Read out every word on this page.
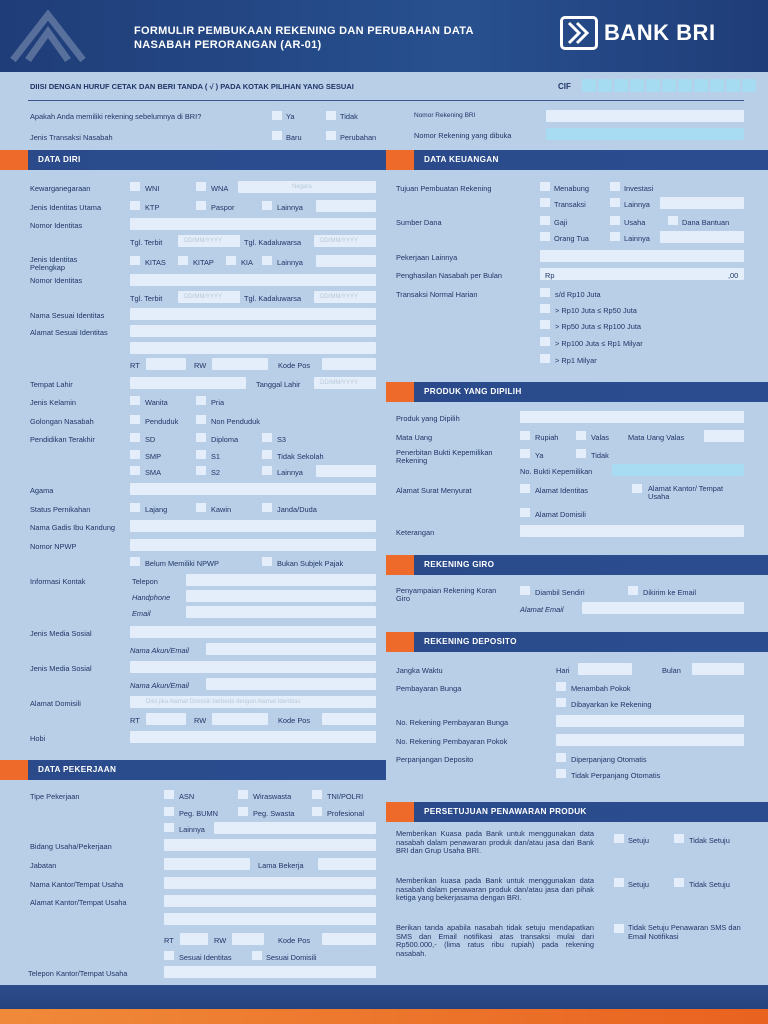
FORMULIR PEMBUKAAN REKENING DAN PERUBAHAN DATA
NASABAH PERORANGAN (AR-01)	BANK BRI
DIISI DENGAN HURUF CETAK DAN BERI TANDA ( √ ) PADA KOTAK PILIHAN YANG SESUAI	CIF
Apakah Anda memiliki rekening sebelumnya di BRI?	Ya	Tidak	Nomor Rekening BRI
Jenis Transaksi Nasabah	Baru	Perubahan	Nomor Rekening yang dibuka
DATA DIRI
Kewarganegaraan	WNI	WNA	Negara
Jenis Identitas Utama	KTP	Paspor	Lainnya
Nomor Identitas
Tgl. Terbit	DD/MM/YYYY	Tgl. Kadaluwarsa	DD/MM/YYYY
Jenis Identitas Pelengkap
KITAS	KITAP	KIA	Lainnya
Nomor Identitas
Tgl. Terbit	DD/MM/YYYY	Tgl. Kadaluwarsa	DD/MM/YYYY
Nama Sesuai Identitas
Alamat Sesuai Identitas
RT	RW	Kode Pos
Tempat Lahir	Tanggal Lahir	DD/MM/YYYY
Jenis Kelamin	Wanita	Pria
Golongan Nasabah	Penduduk	Non Penduduk
Pendidikan Terakhir	SD	Diploma	S3
SMP	S1	Tidak Sekolah
SMA	S2	Lainnya
Agama
Status Pernikahan	Lajang	Kawin	Janda/Duda
Nama Gadis Ibu Kandung
Nomor NPWP
Belum Memiliki NPWP	Bukan Subjek Pajak
Informasi Kontak	Telepon
Handphone
Email
Jenis Media Sosial
Nama Akun/Email
Jenis Media Sosial
Nama Akun/Email
Alamat Domisili	Diisi jika Alamat Domisili berbeda dengan Alamat Identitas
RT	RW	Kode Pos
Hobi
DATA PEKERJAAN
Tipe Pekerjaan	ASN	Wiraswasta	TNI/POLRI
Peg. BUMN	Peg. Swasta	Profesional
Lainnya
Bidang Usaha/Pekerjaan
Jabatan	Lama Bekerja
Nama Kantor/Tempat Usaha
Alamat Kantor/Tempat Usaha
RT	RW	Kode Pos
Sesuai Identitas	Sesuai Domisili
Telepon Kantor/Tempat Usaha
DATA KEUANGAN
Tujuan Pembuatan Rekening	Menabung	Investasi
Transaksi	Lainnya
Sumber Dana	Gaji	Usaha	Dana Bantuan
Orang Tua	Lainnya
Pekerjaan Lainnya
Penghasilan Nasabah per Bulan	Rp	,00
Transaksi Normal Harian	s/d Rp10 Juta
> Rp10 Juta ≤ Rp50 Juta
> Rp50 Juta ≤ Rp100 Juta
> Rp100 Juta ≤ Rp1 Milyar
> Rp1 Milyar
PRODUK YANG DIPILIH
Produk yang Dipilih
Mata Uang	Rupiah	Valas	Mata Uang Valas
Penerbitan Bukti Kepemilikan Rekening
Ya	Tidak
No. Bukti Kepemilikan
Alamat Surat Menyurat	Alamat Identitas	Alamat Kantor/ Tempat Usaha
Alamat Domisili
Keterangan
REKENING GIRO
Penyampaian Rekening Koran Giro
Diambil Sendiri	Dikirim ke Email
Alamat Email
REKENING DEPOSITO
Jangka Waktu	Hari	Bulan
Pembayaran Bunga	Menambah Pokok
Dibayarkan ke Rekening
No. Rekening Pembayaran Bunga
No. Rekening Pembayaran Pokok
Perpanjangan Deposito	Diperpanjang Otomatis
Tidak Perpanjang Otomatis
PERSETUJUAN PENAWARAN PRODUK
Memberikan Kuasa pada Bank untuk menggunakan data nasabah dalam penawaran produk dan/atau jasa dari Bank BRI dan Grup Usaha BRI.
Setuju	Tidak Setuju
Memberikan kuasa pada Bank untuk menggunakan data nasabah dalam penawaran produk dan/atau jasa dari pihak ketiga yang bekerjasama dengan BRI.
Setuju	Tidak Setuju
Berikan tanda apabila nasabah tidak setuju mendapatkan SMS dan Email notifikasi atas transaksi mulai dari Rp500.000,- (lima ratus ribu rupiah) pada rekening nasabah.
Tidak Setuju Penawaran SMS dan Email Notifikasi
